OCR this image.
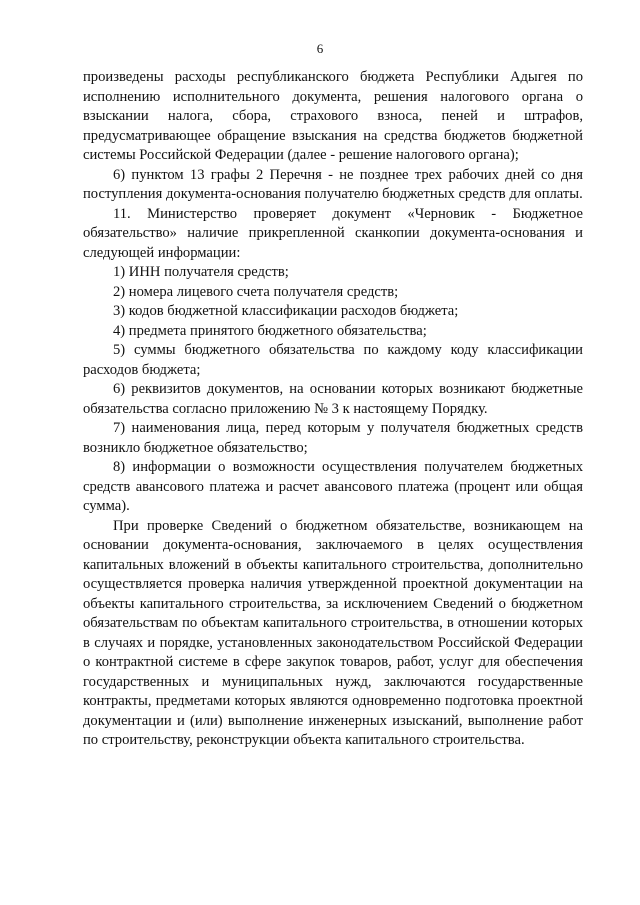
6

произведены расходы республиканского бюджета Республики Адыгея по исполнению исполнительного документа, решения налогового органа о взыскании налога, сбора, страхового взноса, пеней и штрафов, предусматривающее обращение взыскания на средства бюджетов бюджетной системы Российской Федерации (далее - решение налогового органа);

6) пунктом 13 графы 2 Перечня - не позднее трех рабочих дней со дня поступления документа-основания получателю бюджетных средств для оплаты.

11. Министерство проверяет документ «Черновик - Бюджетное обязательство» наличие прикрепленной сканкопии документа-основания и следующей информации:

1) ИНН получателя средств;

2) номера лицевого счета получателя средств;

3) кодов бюджетной классификации расходов бюджета;

4) предмета принятого бюджетного обязательства;

5) суммы бюджетного обязательства по каждому коду классификации расходов бюджета;

6) реквизитов документов, на основании которых возникают бюджетные обязательства согласно приложению № 3 к настоящему Порядку.

7) наименования лица, перед которым у получателя бюджетных средств возникло бюджетное обязательство;

8) информации о возможности осуществления получателем бюджетных средств авансового платежа и расчет авансового платежа (процент или общая сумма).

При проверке Сведений о бюджетном обязательстве, возникающем на основании документа-основания, заключаемого в целях осуществления капитальных вложений в объекты капитального строительства, дополнительно осуществляется проверка наличия утвержденной проектной документации на объекты капитального строительства, за исключением Сведений о бюджетном обязательствам по объектам капитального строительства, в отношении которых в случаях и порядке, установленных законодательством Российской Федерации о контрактной системе в сфере закупок товаров, работ, услуг для обеспечения государственных и муниципальных нужд, заключаются государственные контракты, предметами которых являются одновременно подготовка проектной документации и (или) выполнение инженерных изысканий, выполнение работ по строительству, реконструкции объекта капитального строительства.
